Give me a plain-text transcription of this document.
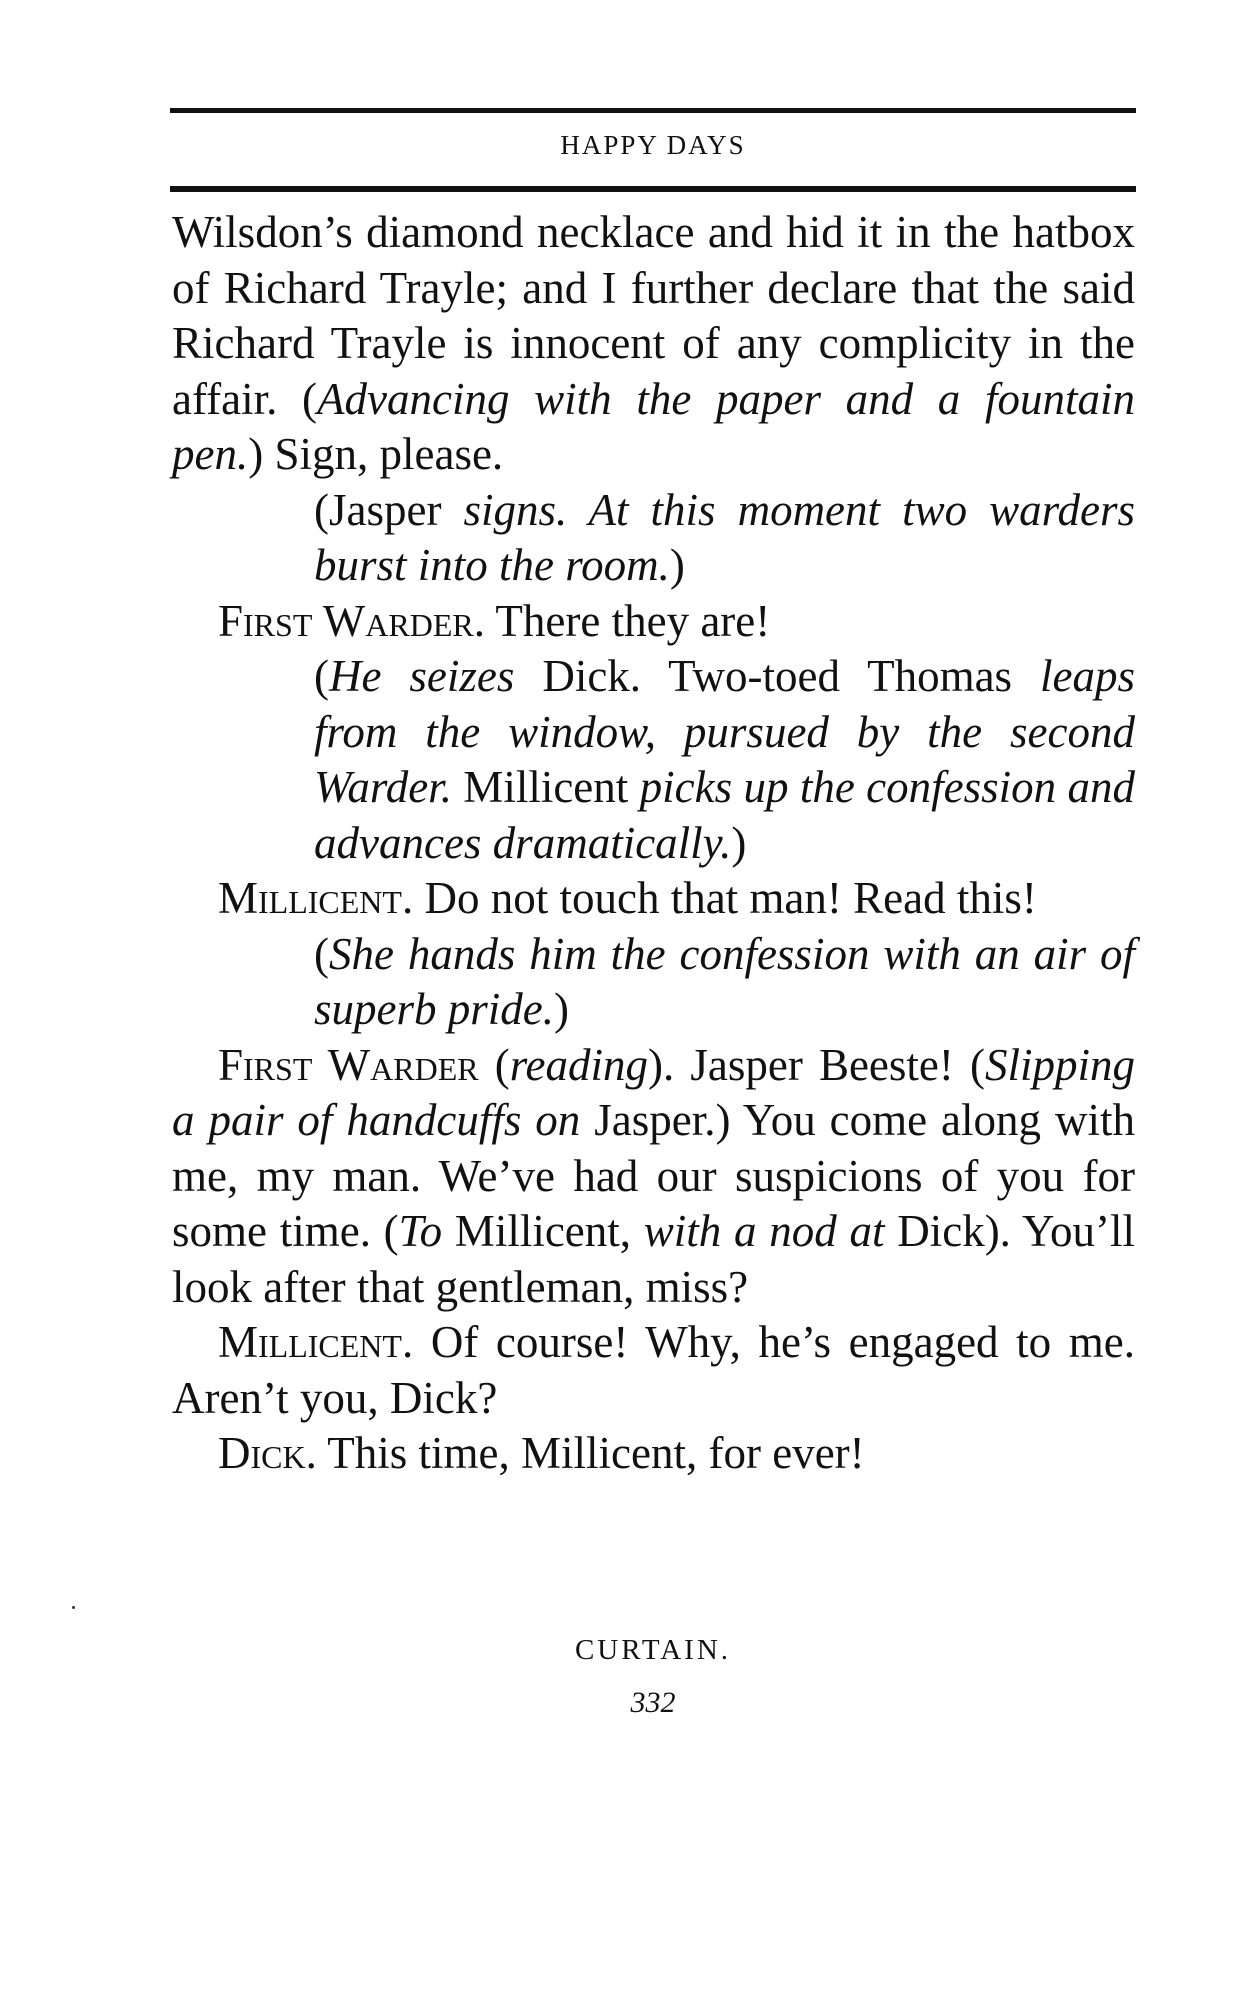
HAPPY DAYS

Wilsdon’s diamond necklace and hid it in the hatbox of Richard Trayle; and I further declare that the said Richard Trayle is innocent of any complicity in the affair. (Advancing with the paper and a fountain pen.) Sign, please.

(Jasper signs. At this moment two warders burst into the room.)

First Warder. There they are!

(He seizes Dick. Two-toed Thomas leaps from the window, pursued by the second Warder. Millicent picks up the confession and advances dramatically.)

Millicent. Do not touch that man! Read this!

(She hands him the confession with an air of superb pride.)

First Warder (reading). Jasper Beeste! (Slipping a pair of handcuffs on Jasper.) You come along with me, my man. We’ve had our suspicions of you for some time. (To Millicent, with a nod at Dick). You’ll look after that gentleman, miss?

Millicent. Of course! Why, he’s engaged to me. Aren’t you, Dick?

Dick. This time, Millicent, for ever!

CURTAIN.
332
